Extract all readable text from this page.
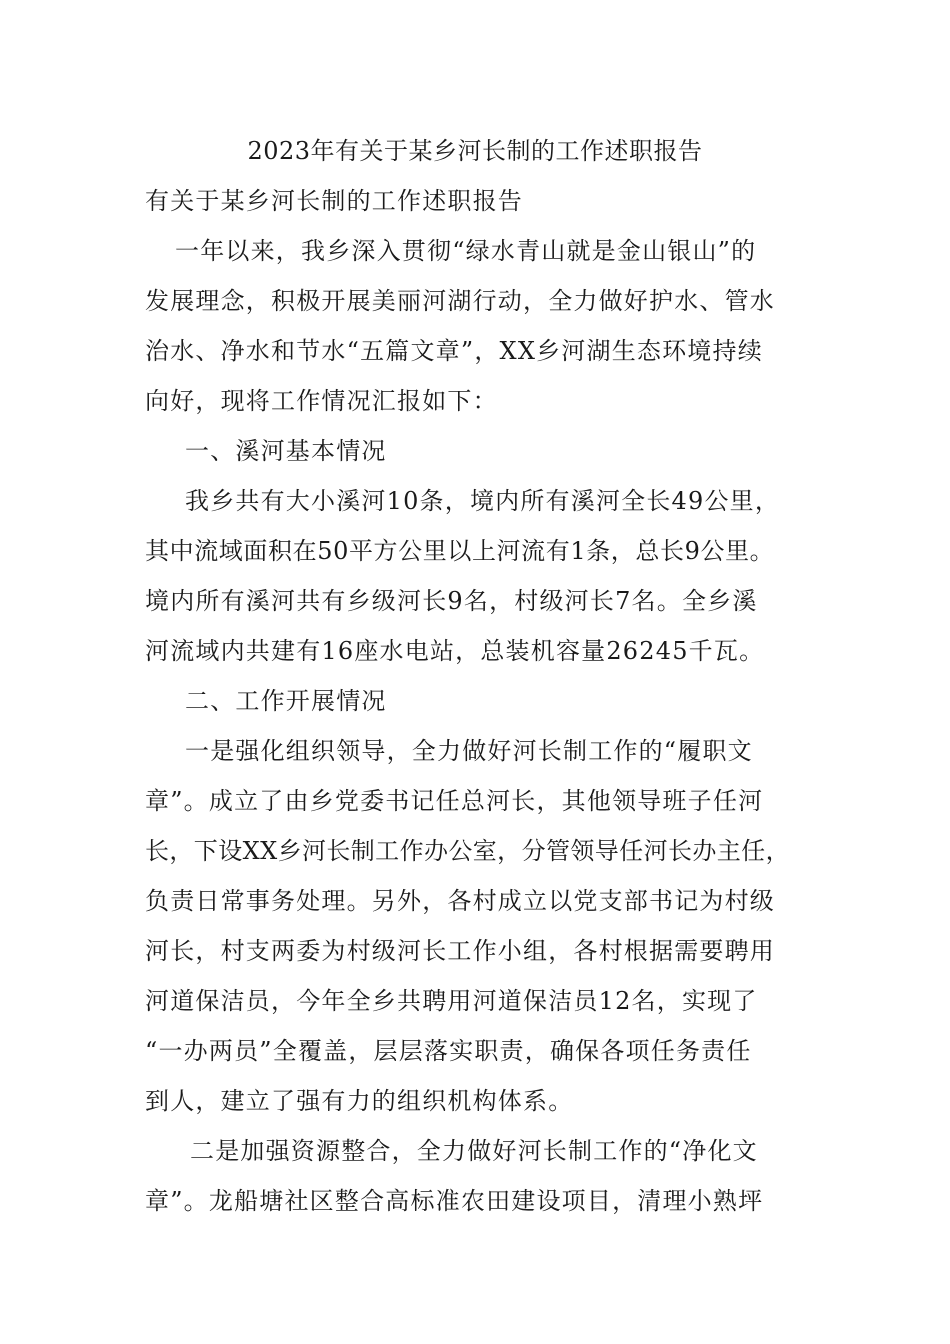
2023年有关于某乡河长制的工作述职报告
有关于某乡河长制的工作述职报告
一年以来，我乡深入贯彻“绿水青山就是金山银山”的
发展理念，积极开展美丽河湖行动，全力做好护水、管水
治水、净水和节水“五篇文章”，XX乡河湖生态环境持续
向好，现将工作情况汇报如下：
一、溪河基本情况
我乡共有大小溪河10条，境内所有溪河全长49公里，
其中流域面积在50平方公里以上河流有1条，总长9公里。
境内所有溪河共有乡级河长9名，村级河长7名。全乡溪
河流域内共建有16座水电站，总装机容量26245千瓦。
二、工作开展情况
一是强化组织领导，全力做好河长制工作的“履职文
章”。成立了由乡党委书记任总河长，其他领导班子任河
长，下设XX乡河长制工作办公室，分管领导任河长办主任，
负责日常事务处理。另外，各村成立以党支部书记为村级
河长，村支两委为村级河长工作小组，各村根据需要聘用
河道保洁员，今年全乡共聘用河道保洁员12名，实现了
“一办两员”全覆盖，层层落实职责，确保各项任务责任
到人，建立了强有力的组织机构体系。
二是加强资源整合，全力做好河长制工作的“净化文
章”。龙船塘社区整合高标准农田建设项目，清理小熟坪
